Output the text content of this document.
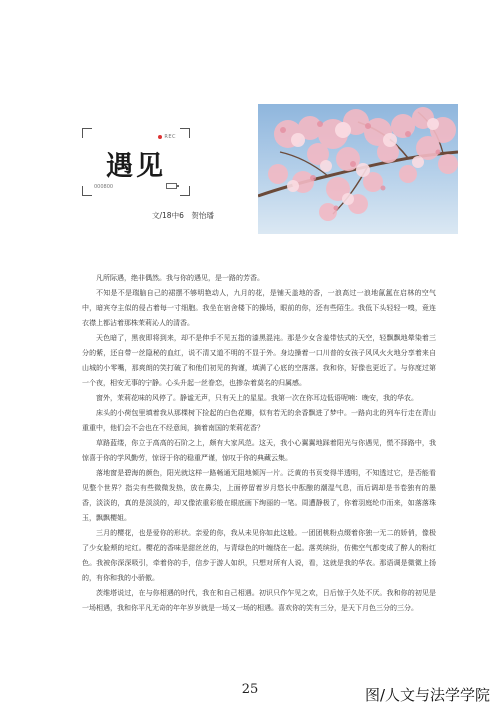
REC
遇见
000800
文/18中6　贺怡璠

凡所际遇，绝非偶然。我与你的遇见，是一路的芳香。

不知是不是瑞脑自己的裙摆不够明艳动人，九月的花，是铺天盖地的香，一浪高过一浪地氤氲在启林的空气中，暗宾夺主似的侵占着每一寸细胞。我坐在宿舍楼下的操场，眼前的你，还有些陌生。我低下头轻轻一嗅，竟连衣襟上都沾着那株茉莉沁人的清香。

天色暗了，黑夜即将到来，却不是伸手不见五指的漆黑混沌。那是少女含羞带怯式的天空，轻飘飘地晕染着三分的紫，还自带一丝隐秘的血红，说不清又道不明的不显于外。身边操着一口川普的女孩子风风火火地分享着来自山城的小零嘴，那爽朗的笑打破了和他们初见的拘谨，填满了心底的空落落。我和你，好像也更近了。与你度过第一个夜，相安无事的宁静。心头升起一丝眷恋，也掺杂着莫名的归属感。

窗外，茉莉花味的风停了。静谧无声，只有天上的星星。我第一次在你耳边低语呢喃：晚安，我的华农。

床头的小荷包里填着我从那棵树下捡起的白色花瓣，似有若无的余香飘进了梦中。一路向北的列车行走在青山重重中，他们会不会也在不经意间，摘着南国的茉莉花香？

草路蓝缕，你立于高高的石阶之上，颇有大家风范。这天，我小心翼翼地踩着阳光与你遇见，慌不择路中，我惊喜于你的学风勤劳，惊讶于你的稳重严谨，惊叹于你的典藏云集。

落地窗是碧海的颜色，阳光就这样一路畅通无阻地倾泻一片。泛黄的书页变得半透明，不知透过它，是否能看见整个世界？指尖有些微微发热，放在鼻尖，上面停留着岁月悠长中酝酿的潮湿气息，而后调却是书卷独有的墨香，淡淡的，真的是淡淡的，却又像浓重彩般在眼底画下绚丽的一笔。周遭静极了，你着羽庭纶巾而来，如落落珠玉，飘飘樱姐。

三月的樱花，也是爱你的形状。亲爱的你，我从未见你如此这般。一团团桃粉点缀着你独一无二的娇俏，像极了少女脸颊的坨红。樱花的香味是甜丝丝的，与青绿色的叶缠绕在一起。落英缤纷，仿佛空气都变成了醉人的粉红色。我被你深深吸引，牵着你的手，信步于游人如织，只想对所有人说，看，这就是我的华农。那语调是微微上扬的，有你和我的小骄傲。

茨维塔说过，在与你相遇的时代，我在和自己相遇。初识只作乍见之欢，日后惊于久处不厌。我和你的初见是一场相遇，我和你平凡无奇的年年岁岁就是一场又一场的相遇。喜欢你的笑有三分，是天下月色三分的三分。

25	图/人文与法学学院
